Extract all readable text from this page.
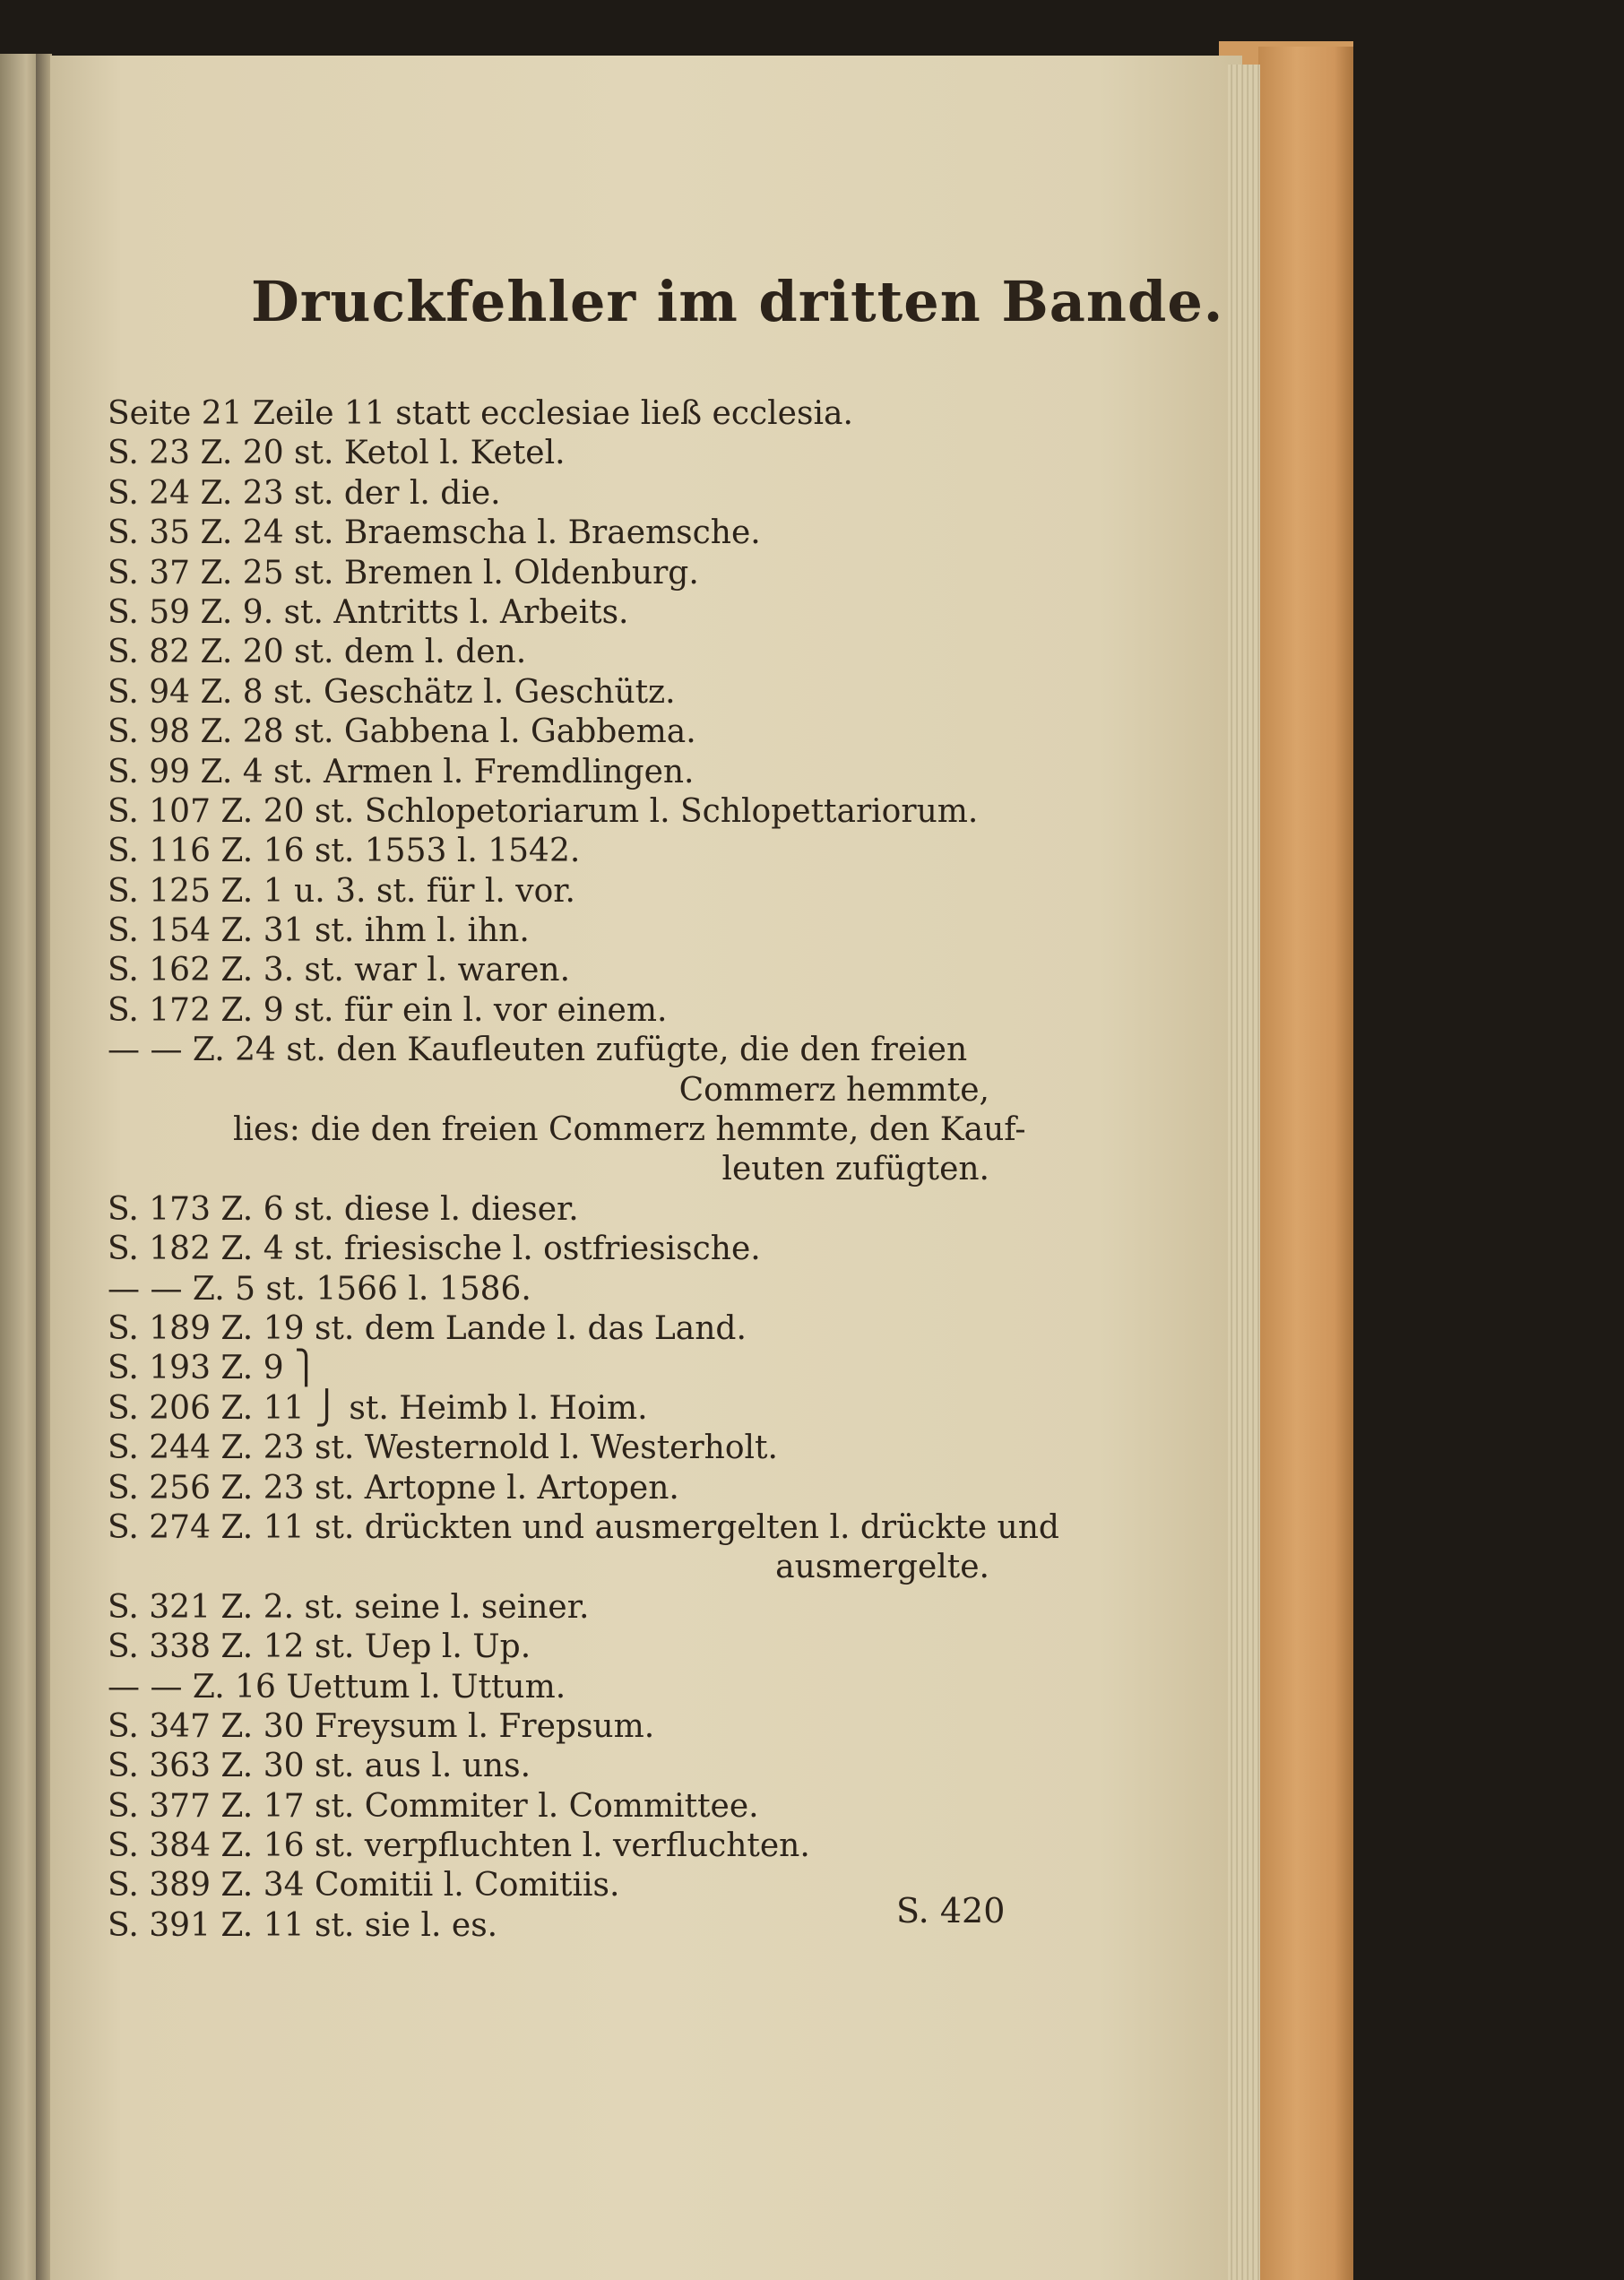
Druckfehler im dritten Bande.
Seite 21 Zeile 11 statt ecclesiae ließ ecclesia.
S. 23 Z. 20 st. Ketol l. Ketel.
S. 24 Z. 23 st. der l. die.
S. 35 Z. 24 st. Braemscha l. Braemsche.
S. 37 Z. 25 st. Bremen l. Oldenburg.
S. 59 Z. 9. st. Antritts l. Arbeits.
S. 82 Z. 20 st. dem l. den.
S. 94 Z. 8 st. Geschätz l. Geschütz.
S. 98 Z. 28 st. Gabbena l. Gabbema.
S. 99 Z. 4 st. Armen l. Fremdlingen.
S. 107 Z. 20 st. Schlopetoriarum l. Schlopettariorum.
S. 116 Z. 16 st. 1553 l. 1542.
S. 125 Z. 1 u. 3. st. für l. vor.
S. 154 Z. 31 st. ihm l. ihn.
S. 162 Z. 3. st. war l. waren.
S. 172 Z. 9 st. für ein l. vor einem.
— — Z. 24 st. den Kaufleuten zufügte, die den freien
Commerz hemmte,
lies: die den freien Commerz hemmte, den Kauf-
leuten zufügten.
S. 173 Z. 6 st. diese l. dieser.
S. 182 Z. 4 st. friesische l. ostfriesische.
— — Z. 5 st. 1566 l. 1586.
S. 189 Z. 19 st. dem Lande l. das Land.
S. 193 Z. 9 ⎫
S. 206 Z. 11 ⎭ st. Heimb l. Hoim.
S. 244 Z. 23 st. Westernold l. Westerholt.
S. 256 Z. 23 st. Artopne l. Artopen.
S. 274 Z. 11 st. drückten und ausmergelten l. drückte und
ausmergelte.
S. 321 Z. 2. st. seine l. seiner.
S. 338 Z. 12 st. Uep l. Up.
— — Z. 16 Uettum l. Uttum.
S. 347 Z. 30 Freysum l. Frepsum.
S. 363 Z. 30 st. aus l. uns.
S. 377 Z. 17 st. Commiter l. Committee.
S. 384 Z. 16 st. verpfluchten l. verfluchten.
S. 389 Z. 34 Comitii l. Comitiis.
S. 391 Z. 11 st. sie l. es.	S. 420
